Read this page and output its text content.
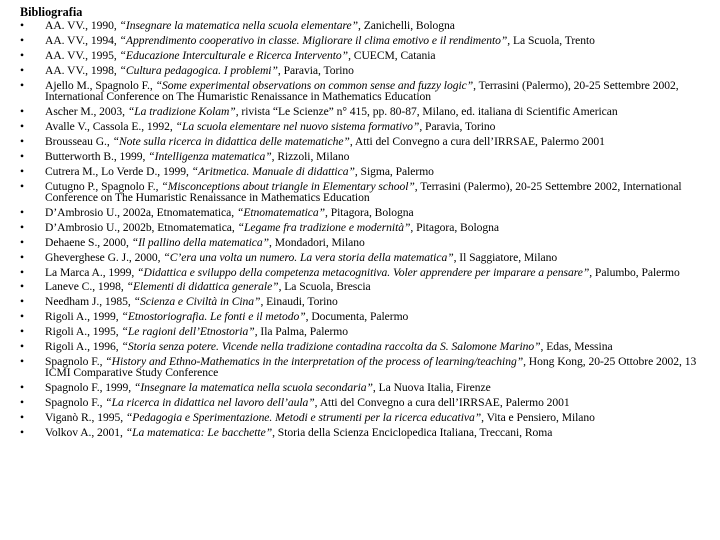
Bibliografia
•	AA. VV., 1990, “Insegnare la matematica nella scuola elementare”, Zanichelli, Bologna
•	AA. VV., 1994, “Apprendimento cooperativo in classe. Migliorare il clima emotivo e il rendimento”, La Scuola, Trento
•	AA. VV., 1995, “Educazione Interculturale e Ricerca Intervento”, CUECM, Catania
•	AA. VV., 1998, “Cultura pedagogica. I problemi”, Paravia, Torino
•	Ajello M., Spagnolo F., “Some experimental observations on common sense and fuzzy logic”, Terrasini (Palermo), 20-25 Settembre 2002, International Conference on The Humaristic Renaissance in Mathematics Education
•	Ascher M., 2003, “La tradizione Kolam”, rivista “Le Scienze” n° 415, pp. 80-87, Milano, ed. italiana di Scientific American
•	Avalle V., Cassola E., 1992, “La scuola elementare nel nuovo sistema formativo”, Paravia, Torino
•	Brousseau G., “Note sulla ricerca in didattica delle matematiche”, Atti del Convegno a cura dell’IRRSAE, Palermo 2001
•	Butterworth B., 1999, “Intelligenza matematica”, Rizzoli, Milano
•	Cutrera M., Lo Verde D., 1999, “Aritmetica. Manuale di didattica”, Sigma, Palermo
•	Cutugno P., Spagnolo F., “Misconceptions about triangle in Elementary school”, Terrasini (Palermo), 20-25 Settembre 2002, International Conference on The Humaristic Renaissance in Mathematics Education
•	D’Ambrosio U., 2002a, Etnomatematica, “Etnomatematica”, Pitagora, Bologna
•	D’Ambrosio U., 2002b, Etnomatematica, “Legame fra tradizione e modernità”, Pitagora, Bologna
•	Dehaene S., 2000, “Il pallino della matematica”, Mondadori, Milano
•	Gheverghese G. J., 2000, “C’era una volta un numero. La vera storia della matematica”, Il Saggiatore, Milano
•	La Marca A., 1999, “Didattica e sviluppo della competenza metacognitiva. Voler apprendere per imparare a pensare”, Palumbo, Palermo
•	Laneve C., 1998, “Elementi di didattica generale”, La Scuola, Brescia
•	Needham J., 1985, “Scienza e Civiltà in Cina”, Einaudi, Torino
•	Rigoli A., 1999, “Etnostoriografia. Le fonti e il metodo”, Documenta, Palermo
•	Rigoli A., 1995, “Le ragioni dell’Etnostoria”, Ila Palma, Palermo
•	Rigoli A., 1996, “Storia senza potere. Vicende nella tradizione contadina raccolta da S. Salomone Marino”, Edas, Messina
•	Spagnolo F., “History and Ethno-Mathematics in the interpretation of the process of learning/teaching”, Hong Kong, 20-25 Ottobre 2002, 13 ICMI Comparative Study Conference
•	Spagnolo F., 1999, “Insegnare la matematica nella scuola secondaria”, La Nuova Italia, Firenze
•	Spagnolo F., “La ricerca in didattica nel lavoro dell’aula”, Atti del Convegno a cura dell’IRRSAE, Palermo 2001
•	Viganò R., 1995, “Pedagogia e Sperimentazione. Metodi e strumenti per la ricerca educativa”, Vita e Pensiero, Milano
•	Volkov A., 2001, “La matematica: Le bacchette”, Storia della Scienza Enciclopedica Italiana, Treccani, Roma
